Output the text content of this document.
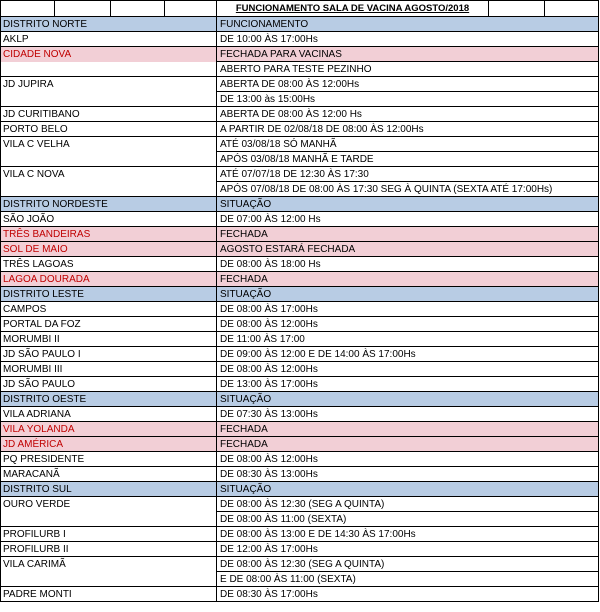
				FUNCIONAMENTO SALA DE VACINA AGOSTO/2018		
DISTRITO NORTE				FUNCIONAMENTO		
AKLP				DE 10:00 ÀS 17:00Hs		
CIDADE NOVA				FECHADA PARA VACINAS		
				ABERTO PARA TESTE PEZINHO		
JD JUPIRA				ABERTA DE 08:00 ÀS 12:00Hs		
				DE 13:00 às 15:00Hs		
JD CURITIBANO				ABERTA DE 08:00 ÀS 12:00 Hs		
PORTO BELO				A PARTIR DE 02/08/18 DE 08:00 ÀS 12:00Hs		
VILA C VELHA				ATÉ 03/08/18 SÓ MANHÃ		
				APÓS 03/08/18 MANHÃ E TARDE		
VILA C NOVA				ATÉ 07/07/18 DE 12:30 ÀS 17:30		
				APÓS 07/08/18 DE 08:00 ÀS 17:30 SEG À QUINTA (SEXTA ATÉ 17:00Hs)		
DISTRITO NORDESTE				SITUAÇÃO		
SÃO JOÃO				DE 07:00 ÀS 12:00 Hs		
TRÊS BANDEIRAS				FECHADA		
SOL DE MAIO				AGOSTO ESTARÁ FECHADA		
TRÊS LAGOAS				DE 08:00 ÀS 18:00 Hs		
LAGOA DOURADA				FECHADA		
DISTRITO LESTE				SITUAÇÃO		
CAMPOS				DE 08:00 ÀS 17:00Hs		
PORTAL DA FOZ				DE 08:00 ÀS 12:00Hs		
MORUMBI II				DE 11:00 ÀS 17:00		
JD SÃO PAULO I				DE 09:00 ÀS 12:00 E DE 14:00 ÀS 17:00Hs		
MORUMBI III				DE 08:00 ÀS 12:00Hs		
JD SÃO PAULO				DE 13:00 ÀS 17:00Hs		
DISTRITO OESTE				SITUAÇÃO		
VILA ADRIANA				DE 07:30 ÀS 13:00Hs		
VILA YOLANDA				FECHADA		
JD AMÉRICA				FECHADA		
PQ PRESIDENTE				DE 08:00 ÀS 12:00Hs		
MARACANÃ				DE 08:30 ÀS 13:00Hs		
DISTRITO SUL				SITUAÇÃO		
OURO VERDE				DE 08:00 ÀS 12:30 (SEG A QUINTA)		
				DE 08:00 ÀS 11:00 (SEXTA)		
PROFILURB I				DE 08:00 ÀS 13:00 E DE 14:30 ÀS 17:00Hs		
PROFILURB II				DE 12:00 ÀS 17:00Hs		
VILA CARIMÃ				DE 08:00 ÀS 12:30 (SEG A QUINTA)		
				E DE 08:00 ÀS 11:00 (SEXTA)		
PADRE MONTI				DE 08:30 ÀS 17:00Hs		
